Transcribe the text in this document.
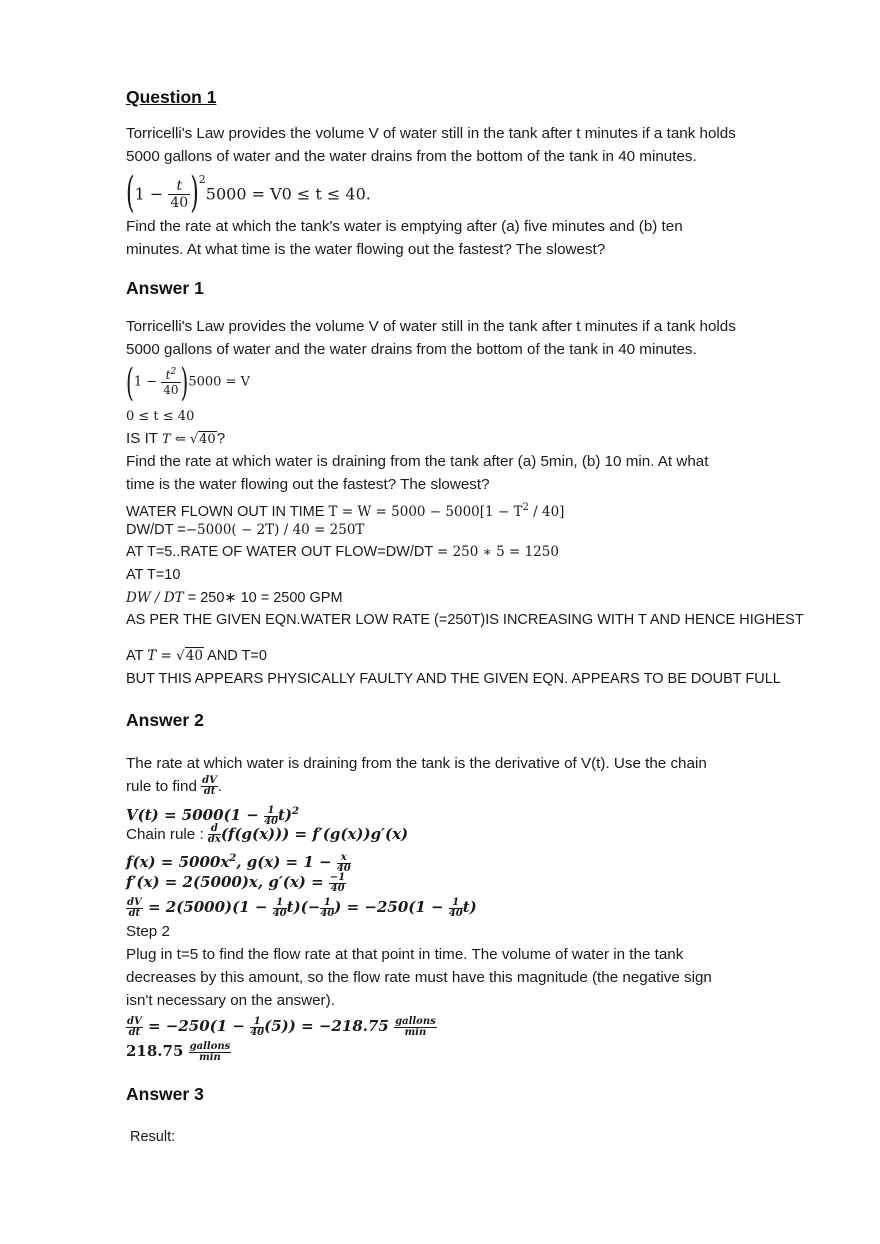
Question 1
Torricelli's Law provides the volume V of water still in the tank after t minutes if a tank holds
5000 gallons of water and the water drains from the bottom of the tank in 40 minutes.
$(1 - \frac{t}{40} )^25000 = V0 \le t \le 40$.
Find the rate at which the tank's water is emptying after (a) five minutes and (b) ten
minutes. At what time is the water flowing out the fastest? The slowest?
Answer 1
Torricelli's Law provides the volume V of water still in the tank after t minutes if a tank holds
5000 gallons of water and the water drains from the bottom of the tank in 40 minutes.
$(1 - \frac{t^2}{40} )5000 = V$
0 ≤ t ≤ 40
IS IT T ⇐ √40?
Find the rate at which water is draining from the tank after (a) 5min, (b) 10 min. At what
time is the water flowing out the fastest? The slowest?
WATER FLOWN OUT IN TIME $T = W = 5000 - 5000[1 - T^2 / 40]$
DW/DT =−5000( − 2T) / 40 = 250T
AT T=5..RATE OF WATER OUT FLOW=DW/DT = 250 ∗ 5 = 1250
AT T=10
DW / DT = 250∗ 10 = 2500 GPM
AS PER THE GIVEN EQN.WATER LOW RATE (=250T)IS INCREASING WITH T AND HENCE HIGHEST
AT T = √40 AND T=0
BUT THIS APPEARS PHYSICALLY FAULTY AND THE GIVEN EQN. APPEARS TO BE DOUBT FULL
Answer 2
The rate at which water is draining from the tank is the derivative of V(t). Use the chain
rule to find $\frac{dV}{dt}$ .
$V(t) = 5000(1 - \frac{1}{40} t)^2$
Chain rule : $\frac{d}{dx} (f(g(x))) = f'(g(x))g'(x)$
$f(x) = 5000x^2$, $g(x) = 1 - \frac{x}{40}$
f′(x) = 2(5000)x, $g'(x) = \frac{-1}{40}$
$\frac{dV}{dt} = 2(5000)(1 - \frac{1}{40} t)(- \frac{1}{40}$ ) = $-250(1 - \frac{1}{40} t)$
Step 2
Plug in t=5 to find the flow rate at that point in time. The volume of water in the tank
decreases by this amount, so the flow rate must have this magnitude (the negative sign
isn't necessary on the answer).
$\frac{dV}{dt} = -250(1 - \frac{1}{40} (5)) = -218.75 \frac{\text{gallons}}{\min}$
$218.75 \frac{\text{gallons}}{\min}$
Answer 3
Result:
